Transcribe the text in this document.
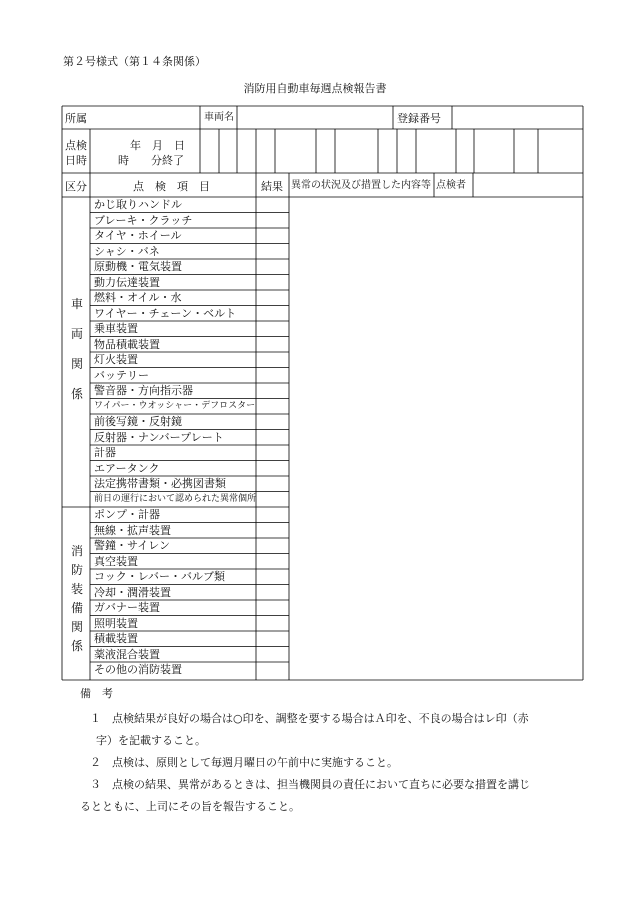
第２号様式（第１４条関係）
消防用自動車毎週点検報告書
所属	車両名	登録番号
点検
日時
年　月　日
時　　分終了
区分	点　検　項　目	結果 異常の状況及び措置した内容等 点検者
車
両
関
係
かじ取りハンドル
ブレーキ・クラッチ
タイヤ・ホイール
シャシ・バネ
原動機・電気装置
動力伝達装置
燃料・オイル・水
ワイヤー・チェーン・ベルト
乗車装置
物品積載装置
灯火装置
バッテリー
警音器・方向指示器
ワイパー・ウオッシャー・デフロスター
前後写鏡・反射鏡
反射器・ナンバープレート
計器
エアータンク
法定携帯書類・必携図書類
前日の運行において認められた異常個所
消
防
装
備
関
係
ポンプ・計器
無線・拡声装置
警鐘・サイレン
真空装置
コック・レバー・バルブ類
冷却・潤滑装置
ガバナー装置
照明装置
積載装置
薬液混合装置
その他の消防装置
備　考
１　点検結果が良好の場合は○印を、調整を要する場合はＡ印を、不良の場合はレ印（赤
字）を記載すること。
２　点検は、原則として毎週月曜日の午前中に実施すること。
３　点検の結果、異常があるときは、担当機関員の責任において直ちに必要な措置を講じ
るとともに、上司にその旨を報告すること。
